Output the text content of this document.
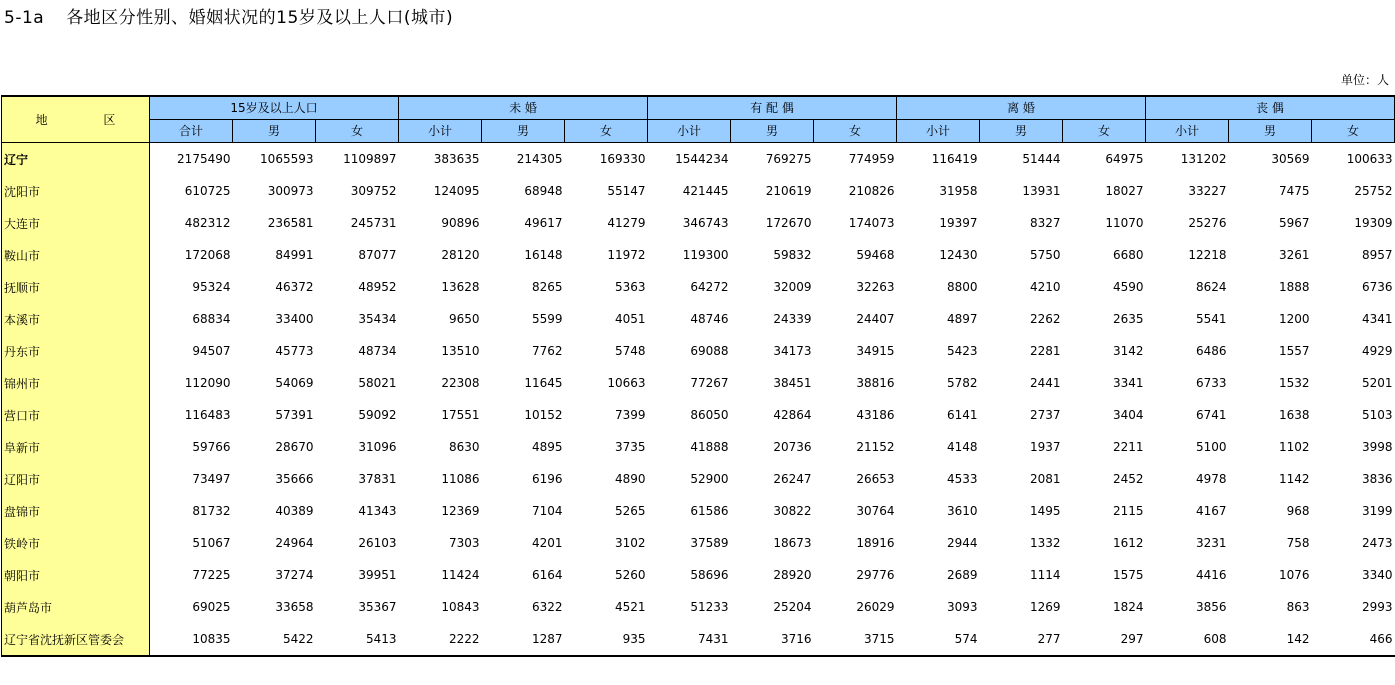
5-1a 各地区分性别、婚姻状况的15岁及以上人口(城市)
单位：人
地 区	15岁及以上人口			未 婚			有 配 偶			离 婚			丧 偶		
	合计	男	女	小计	男	女	小计	男	女	小计	男	女	小计	男	女
辽宁	2175490	1065593	1109897	383635	214305	169330	1544234	769275	774959	116419	51444	64975	131202	30569	100633
沈阳市	610725	300973	309752	124095	68948	55147	421445	210619	210826	31958	13931	18027	33227	7475	25752
大连市	482312	236581	245731	90896	49617	41279	346743	172670	174073	19397	8327	11070	25276	5967	19309
鞍山市	172068	84991	87077	28120	16148	11972	119300	59832	59468	12430	5750	6680	12218	3261	8957
抚顺市	95324	46372	48952	13628	8265	5363	64272	32009	32263	8800	4210	4590	8624	1888	6736
本溪市	68834	33400	35434	9650	5599	4051	48746	24339	24407	4897	2262	2635	5541	1200	4341
丹东市	94507	45773	48734	13510	7762	5748	69088	34173	34915	5423	2281	3142	6486	1557	4929
锦州市	112090	54069	58021	22308	11645	10663	77267	38451	38816	5782	2441	3341	6733	1532	5201
营口市	116483	57391	59092	17551	10152	7399	86050	42864	43186	6141	2737	3404	6741	1638	5103
阜新市	59766	28670	31096	8630	4895	3735	41888	20736	21152	4148	1937	2211	5100	1102	3998
辽阳市	73497	35666	37831	11086	6196	4890	52900	26247	26653	4533	2081	2452	4978	1142	3836
盘锦市	81732	40389	41343	12369	7104	5265	61586	30822	30764	3610	1495	2115	4167	968	3199
铁岭市	51067	24964	26103	7303	4201	3102	37589	18673	18916	2944	1332	1612	3231	758	2473
朝阳市	77225	37274	39951	11424	6164	5260	58696	28920	29776	2689	1114	1575	4416	1076	3340
葫芦岛市	69025	33658	35367	10843	6322	4521	51233	25204	26029	3093	1269	1824	3856	863	2993
辽宁省沈抚新区管委会	10835	5422	5413	2222	1287	935	7431	3716	3715	574	277	297	608	142	466
